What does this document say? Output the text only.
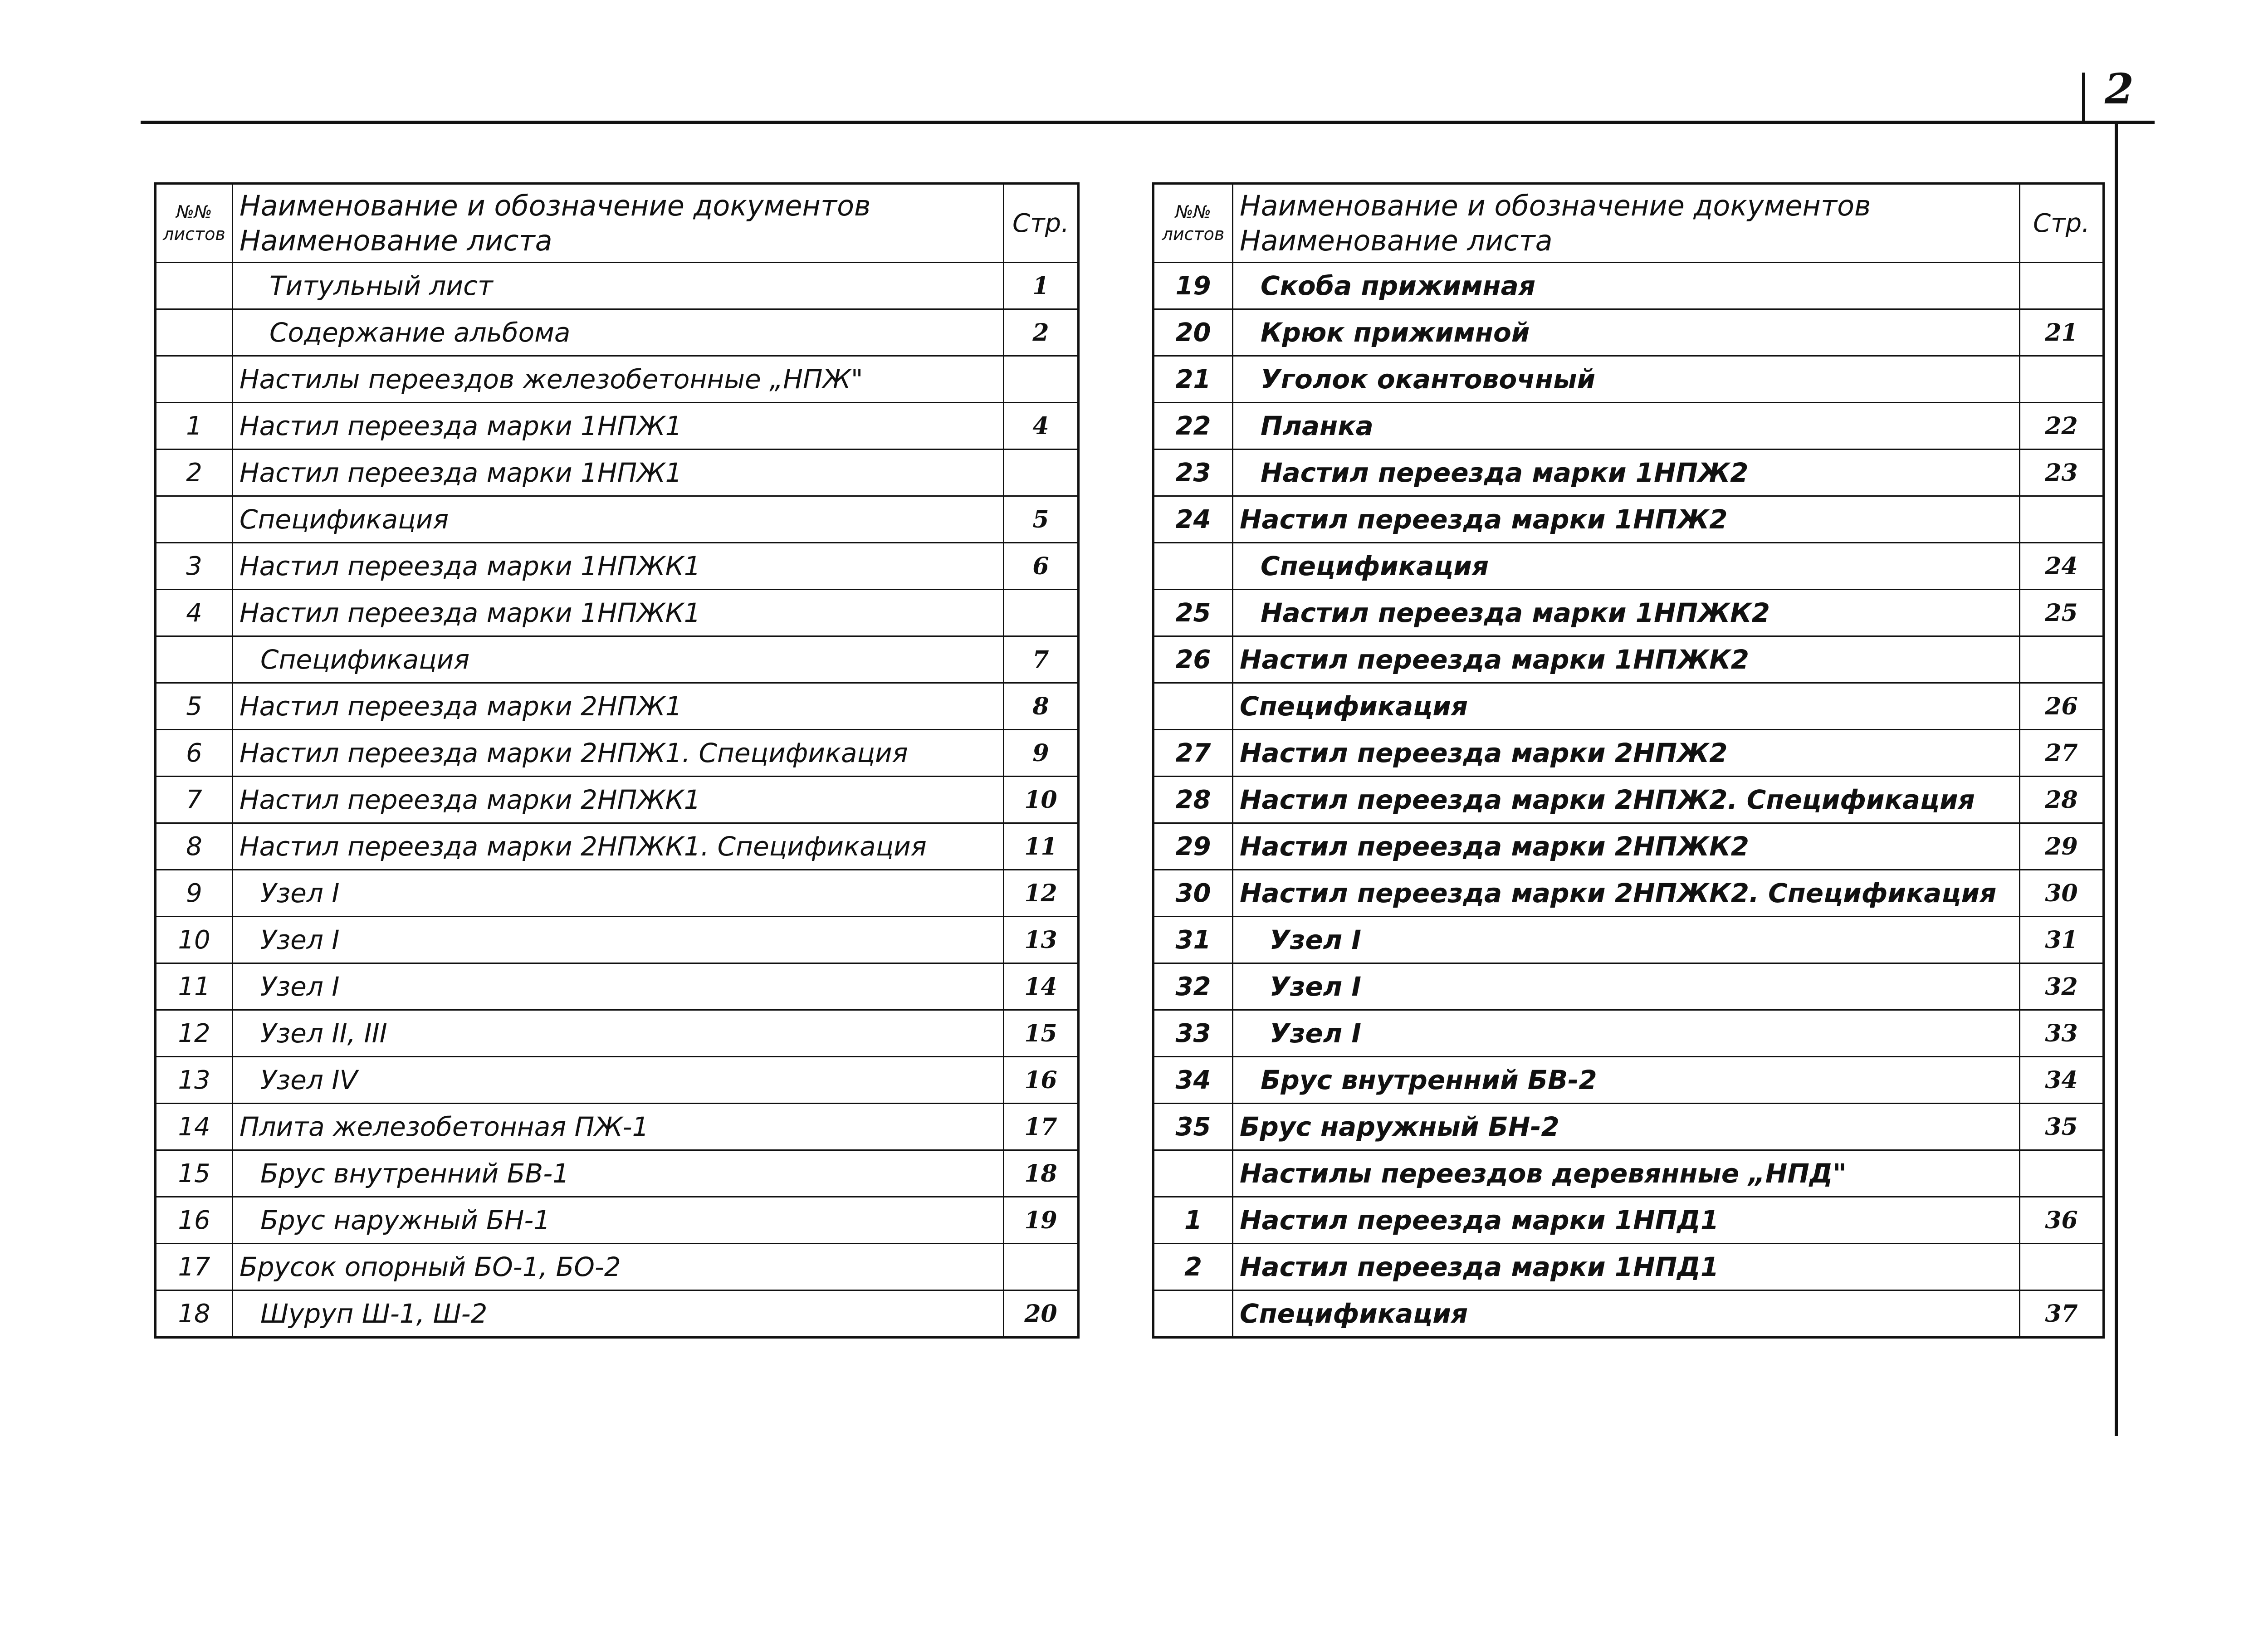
2
№№
листов	Наименование и обозначение документов
Наименование листа	Стр.
	Титульный лист	1
	Содержание альбома	2
	Настилы переездов железобетонные „НПЖ"	
1	Настил переезда марки 1НПЖ1	4
2	Настил переезда марки 1НПЖ1	
	Спецификация	5
3	Настил переезда марки 1НПЖК1	6
4	Настил переезда марки 1НПЖК1	
	Спецификация	7
5	Настил переезда марки 2НПЖ1	8
6	Настил переезда марки 2НПЖ1. Спецификация	9
7	Настил переезда марки 2НПЖК1	10
8	Настил переезда марки 2НПЖК1. Спецификация	11
9	Узел I	12
10	Узел I	13
11	Узел I	14
12	Узел II, III	15
13	Узел IV	16
14	Плита железобетонная ПЖ-1	17
15	Брус внутренний БВ-1	18
16	Брус наружный БН-1	19
17	Брусок опорный БО-1, БО-2	
18	Шуруп Ш-1, Ш-2	20
№№
листов	Наименование и обозначение документов
Наименование листа	Стр.
19	Скоба прижимная	
20	Крюк прижимной	21
21	Уголок окантовочный	
22	Планка	22
23	Настил переезда марки 1НПЖ2	23
24	Настил переезда марки 1НПЖ2	
	Спецификация	24
25	Настил переезда марки 1НПЖК2	25
26	Настил переезда марки 1НПЖК2	
	Спецификация	26
27	Настил переезда марки 2НПЖ2	27
28	Настил переезда марки 2НПЖ2. Спецификация	28
29	Настил переезда марки 2НПЖК2	29
30	Настил переезда марки 2НПЖК2. Спецификация	30
31	Узел I	31
32	Узел I	32
33	Узел I	33
34	Брус внутренний БВ-2	34
35	Брус наружный БН-2	35
	Настилы переездов деревянные „НПД"	
1	Настил переезда марки 1НПД1	36
2	Настил переезда марки 1НПД1	
	Спецификация	37
